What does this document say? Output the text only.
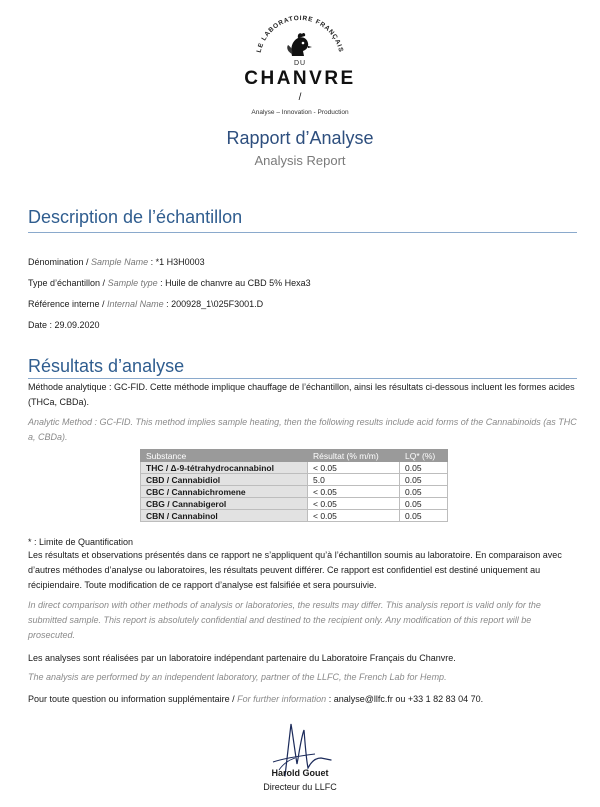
LE LABORATOIRE FRANÇAIS
DU
CHANVRE
/
Analyse – Innovation - Production
Rapport d’Analyse
Analysis Report
Description de l’échantillon
Dénomination / Sample Name : *1 H3H0003
Type d’échantillon / Sample type : Huile de chanvre au CBD 5% Hexa3
Référence interne / Internal Name : 200928_1\025F3001.D
Date : 29.09.2020
Résultats d’analyse
Méthode analytique : GC-FID. Cette méthode implique chauffage de l’échantillon, ainsi les résultats ci-dessous incluent les formes acides (THCa, CBDa).
Analytic Method : GC-FID. This method implies sample heating, then the following results include acid forms of the Cannabinoids (as THC a, CBDa).
Substance	Résultat (% m/m)	LQ* (%)
THC / Δ-9-tétrahydrocannabinol	< 0.05	0.05
CBD / Cannabidiol	5.0	0.05
CBC / Cannabichromene	< 0.05	0.05
CBG / Cannabigerol	< 0.05	0.05
CBN / Cannabinol	< 0.05	0.05
* : Limite de Quantification
Les résultats et observations présentés dans ce rapport ne s’appliquent qu’à l’échantillon soumis au laboratoire. En comparaison avec d’autres méthodes d’analyse ou laboratoires, les résultats peuvent différer. Ce rapport est confidentiel est destiné uniquement au récipiendaire. Toute modification de ce rapport d’analyse est falsifiée et sera poursuivie.
In direct comparison with other methods of analysis or laboratories, the results may differ. This analysis report is valid only for the submitted sample. This report is absolutely confidential and destined to the recipient only. Any modification of this report will be prosecuted.
Les analyses sont réalisées par un laboratoire indépendant partenaire du Laboratoire Français du Chanvre.
The analysis are performed by an independent laboratory, partner of the LLFC, the French Lab for Hemp.
Pour toute question ou information supplémentaire / For further information : analyse@llfc.fr ou +33 1 82 83 04 70.
Harold Gouet
Directeur du LLFC
